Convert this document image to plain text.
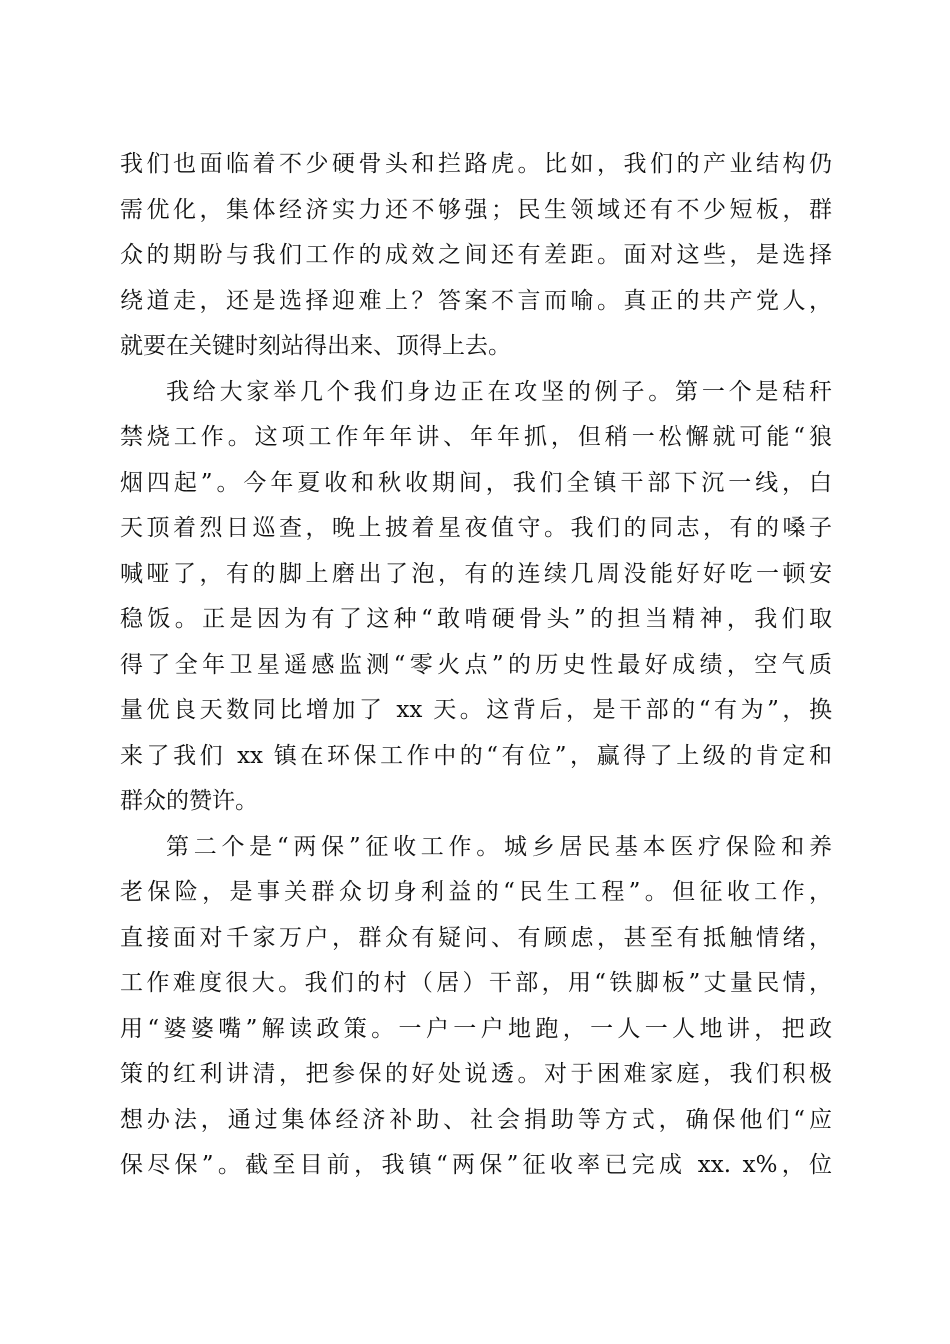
我们也面临着不少硬骨头和拦路虎。比如，我们的产业结构仍
需优化，集体经济实力还不够强；民生领域还有不少短板，群
众的期盼与我们工作的成效之间还有差距。面对这些，是选择
绕道走，还是选择迎难上？答案不言而喻。真正的共产党人，
就要在关键时刻站得出来、顶得上去。
我给大家举几个我们身边正在攻坚的例子。第一个是秸秆
禁烧工作。这项工作年年讲、年年抓，但稍一松懈就可能“狼
烟四起”。今年夏收和秋收期间，我们全镇干部下沉一线，白
天顶着烈日巡查，晚上披着星夜值守。我们的同志，有的嗓子
喊哑了，有的脚上磨出了泡，有的连续几周没能好好吃一顿安
稳饭。正是因为有了这种“敢啃硬骨头”的担当精神，我们取
得了全年卫星遥感监测“零火点”的历史性最好成绩，空气质
量优良天数同比增加了 xx 天。这背后，是干部的“有为”，换
来了我们 xx 镇在环保工作中的“有位”，赢得了上级的肯定和
群众的赞许。
第二个是“两保”征收工作。城乡居民基本医疗保险和养
老保险，是事关群众切身利益的“民生工程”。但征收工作，
直接面对千家万户，群众有疑问、有顾虑，甚至有抵触情绪，
工作难度很大。我们的村（居）干部，用“铁脚板”丈量民情，
用“婆婆嘴”解读政策。一户一户地跑，一人一人地讲，把政
策的红利讲清，把参保的好处说透。对于困难家庭，我们积极
想办法，通过集体经济补助、社会捐助等方式，确保他们“应
保尽保”。截至目前，我镇“两保”征收率已完成 xx. x%，位
